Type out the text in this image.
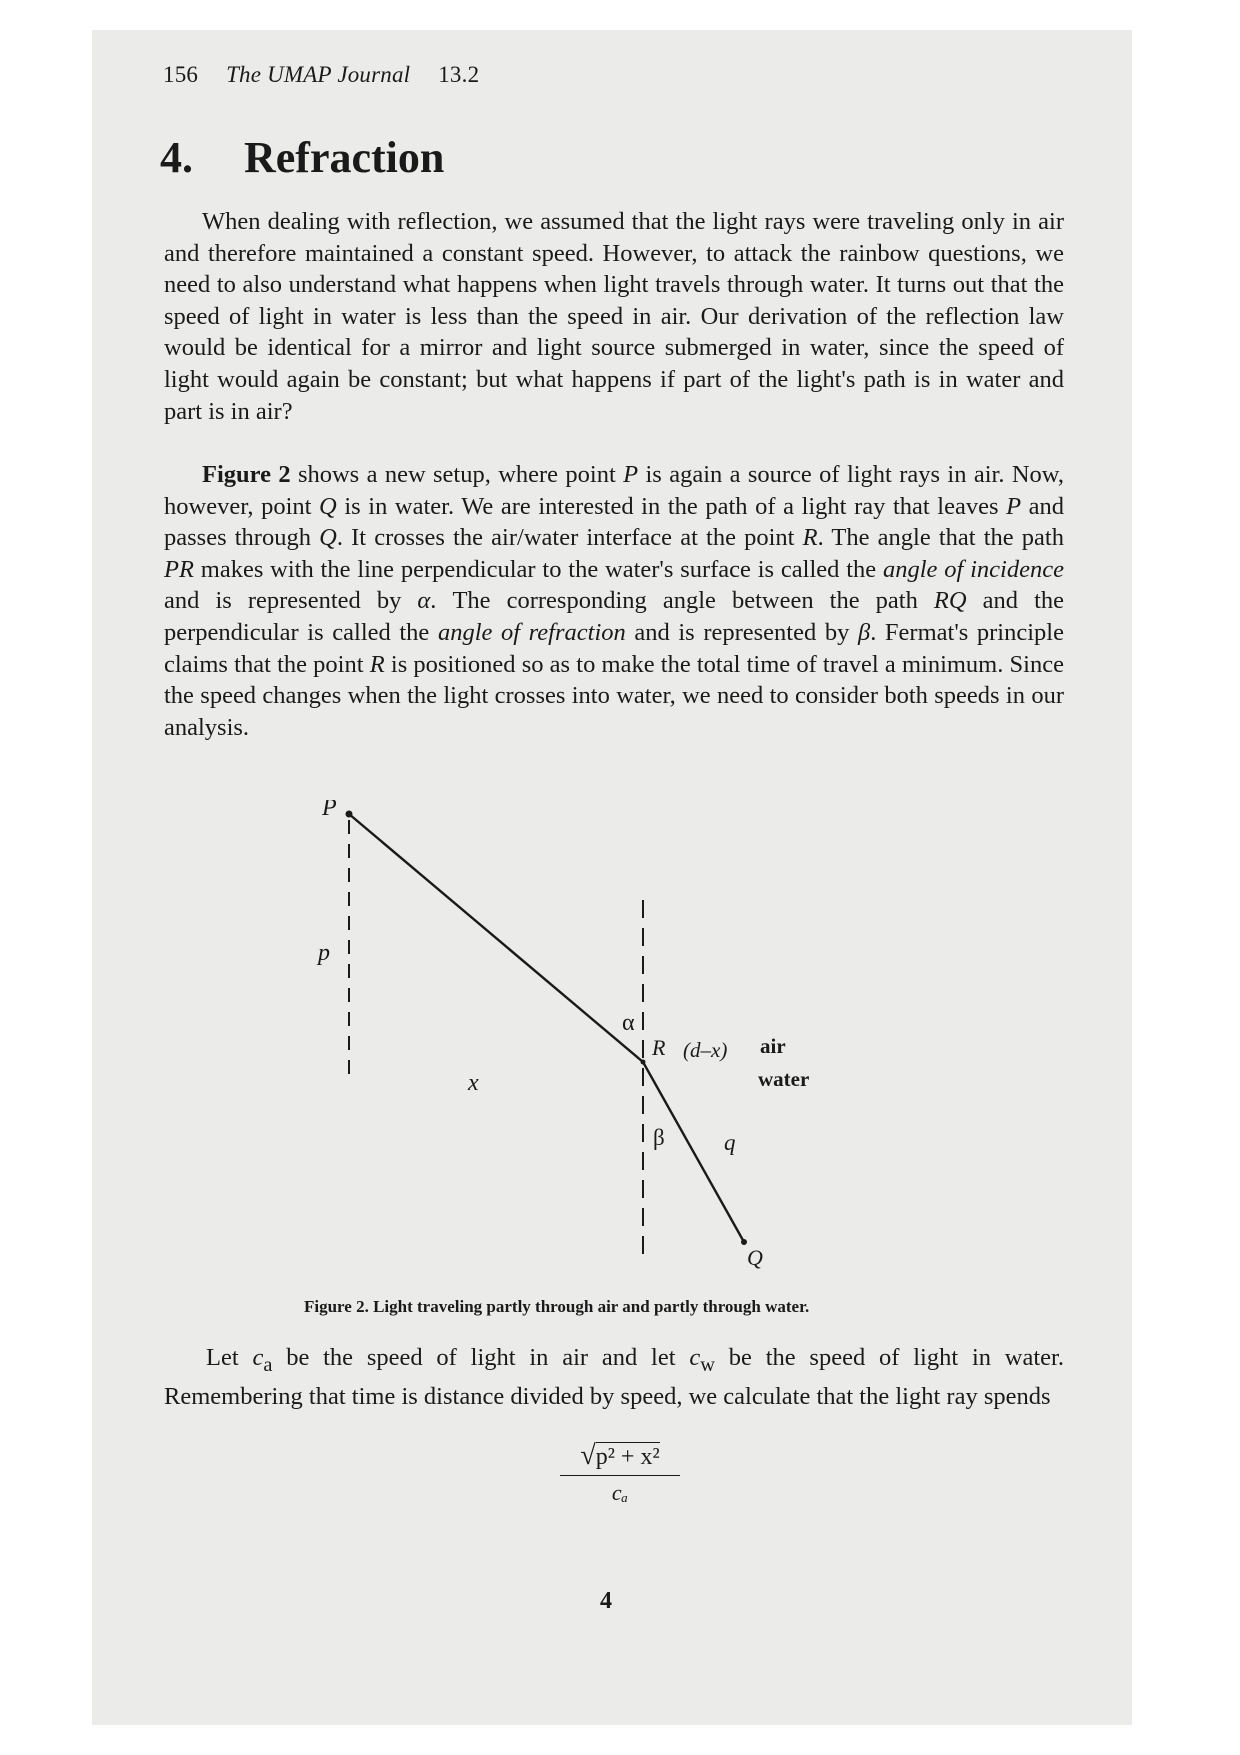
156 The UMAP Journal 13.2
4. Refraction

When dealing with reflection, we assumed that the light rays were traveling only in air and therefore maintained a constant speed. However, to attack the rainbow questions, we need to also understand what happens when light travels through water. It turns out that the speed of light in water is less than the speed in air. Our derivation of the reflection law would be identical for a mirror and light source submerged in water, since the speed of light would again be constant; but what happens if part of the light's path is in water and part is in air?

Figure 2 shows a new setup, where point P is again a source of light rays in air. Now, however, point Q is in water. We are interested in the path of a light ray that leaves P and passes through Q. It crosses the air/water interface at the point R. The angle that the path PR makes with the line perpendicular to the water's surface is called the angle of incidence and is represented by α. The corresponding angle between the path RQ and the perpendicular is called the angle of refraction and is represented by β. Fermat's principle claims that the point R is positioned so as to make the total time of travel a minimum. Since the speed changes when the light crosses into water, we need to consider both speeds in our analysis.

P
p
x
α
R (d–x) air
water
β	q
Q
Figure 2. Light traveling partly through air and partly through water.

Let $c_a$ be the speed of light in air and let $c_w$ be the speed of light in water. Remembering that time is distance divided by speed, we calculate that the light ray spends

$\frac{\text{√p² + x²}}{\text{cₐ}}$
4
